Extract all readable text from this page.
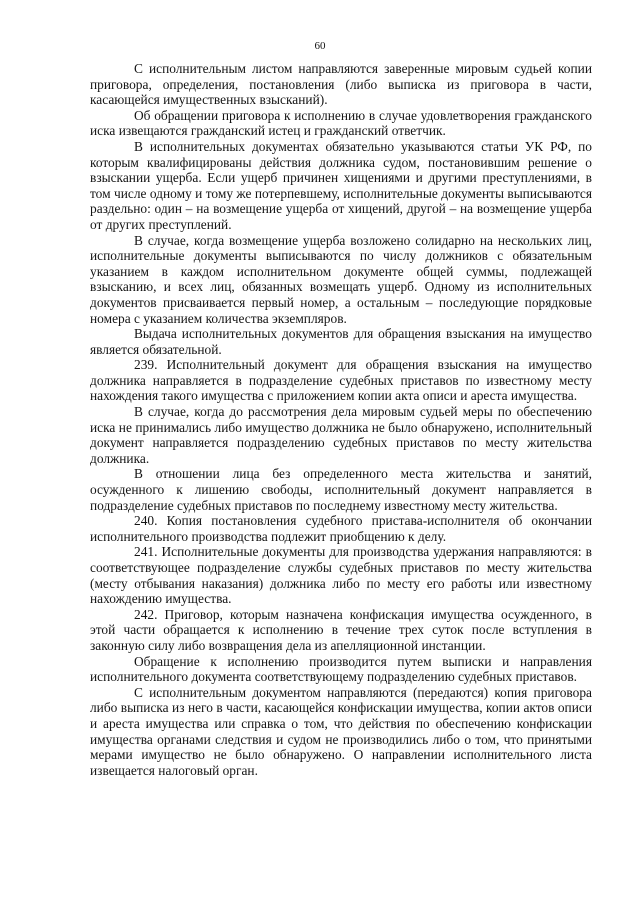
60

С исполнительным листом направляются заверенные мировым судьей копии приговора, определения, постановления (либо выписка из приговора в части, касающейся имущественных взысканий).

Об обращении приговора к исполнению в случае удовлетворения гражданского иска извещаются гражданский истец и гражданский ответчик.

В исполнительных документах обязательно указываются статьи УК РФ, по которым квалифицированы действия должника судом, постановившим решение о взыскании ущерба. Если ущерб причинен хищениями и другими преступлениями, в том числе одному и тому же потерпевшему, исполнительные документы выписываются раздельно: один – на возмещение ущерба от хищений, другой – на возмещение ущерба от других преступлений.

В случае, когда возмещение ущерба возложено солидарно на нескольких лиц, исполнительные документы выписываются по числу должников с обязательным указанием в каждом исполнительном документе общей суммы, подлежащей взысканию, и всех лиц, обязанных возмещать ущерб. Одному из исполнительных документов присваивается первый номер, а остальным – последующие порядковые номера с указанием количества экземпляров.

Выдача исполнительных документов для обращения взыскания на имущество является обязательной.

239. Исполнительный документ для обращения взыскания на имущество должника направляется в подразделение судебных приставов по известному месту нахождения такого имущества с приложением копии акта описи и ареста имущества.

В случае, когда до рассмотрения дела мировым судьей меры по обеспечению иска не принимались либо имущество должника не было обнаружено, исполнительный документ направляется подразделению судебных приставов по месту жительства должника.

В отношении лица без определенного места жительства и занятий, осужденного к лишению свободы, исполнительный документ направляется в подразделение судебных приставов по последнему известному месту жительства.

240. Копия постановления судебного пристава-исполнителя об окончании исполнительного производства подлежит приобщению к делу.

241. Исполнительные документы для производства удержания направляются: в соответствующее подразделение службы судебных приставов по месту жительства (месту отбывания наказания) должника либо по месту его работы или известному нахождению имущества.

242. Приговор, которым назначена конфискация имущества осужденного, в этой части обращается к исполнению в течение трех суток после вступления в законную силу либо возвращения дела из апелляционной инстанции.

Обращение к исполнению производится путем выписки и направления исполнительного документа соответствующему подразделению судебных приставов.

С исполнительным документом направляются (передаются) копия приговора либо выписка из него в части, касающейся конфискации имущества, копии актов описи и ареста имущества или справка о том, что действия по обеспечению конфискации имущества органами следствия и судом не производились либо о том, что принятыми мерами имущество не было обнаружено. О направлении исполнительного листа извещается налоговый орган.
